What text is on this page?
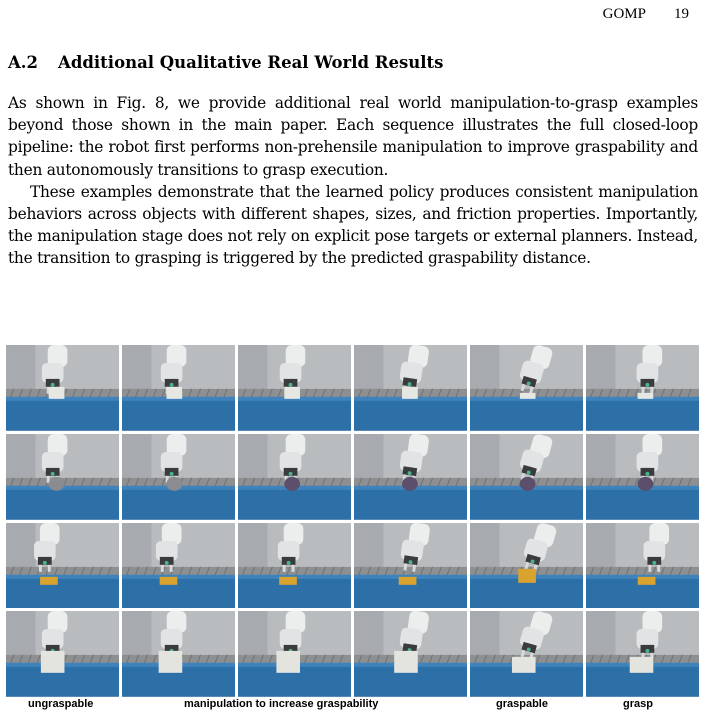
GOMP 19
A.2 Additional Qualitative Real World Results

As shown in Fig. 8, we provide additional real world manipulation-to-grasp examples beyond those shown in the main paper. Each sequence illustrates the full closed-loop pipeline: the robot first performs non-prehensile manipulation to improve graspability and then autonomously transitions to grasp execution.

These examples demonstrate that the learned policy produces consistent manipulation behaviors across objects with different shapes, sizes, and friction properties. Importantly, the manipulation stage does not rely on explicit pose targets or external planners. Instead, the transition to grasping is triggered by the predicted graspability distance.

ungraspable	manipulation to increase graspability	graspable	grasp
